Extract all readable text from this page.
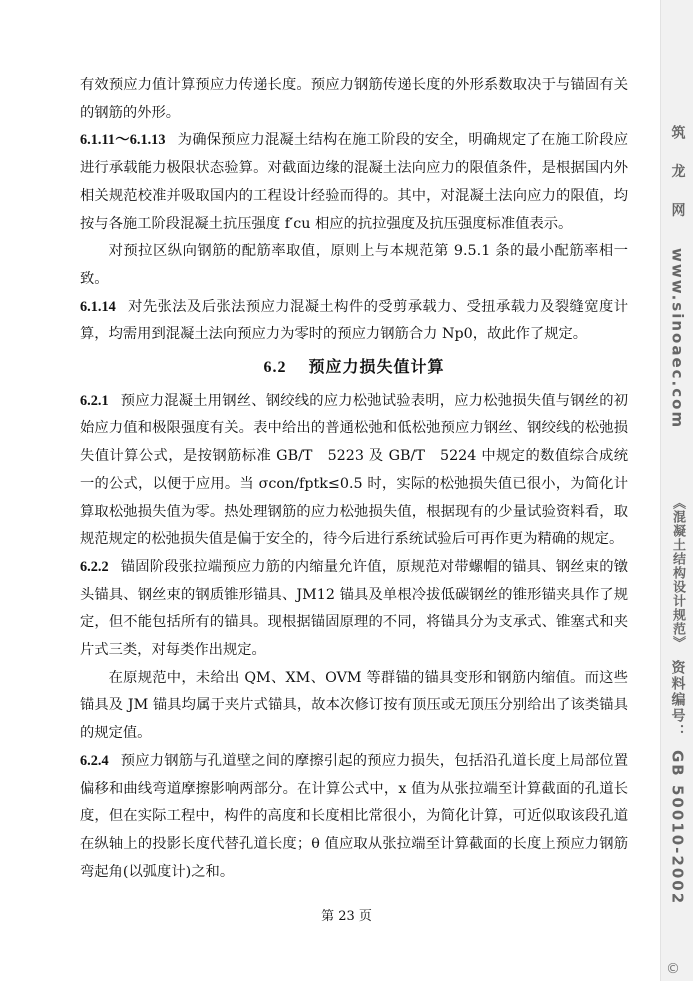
有效预应力值计算预应力传递长度。预应力钢筋传递长度的外形系数取决于与锚固有关的钢筋的外形。

6.1.11～6.1.13 为确保预应力混凝土结构在施工阶段的安全，明确规定了在施工阶段应进行承载能力极限状态验算。对截面边缘的混凝土法向应力的限值条件，是根据国内外相关规范校准并吸取国内的工程设计经验而得的。其中，对混凝土法向应力的限值，均按与各施工阶段混凝土抗压强度 f′cu 相应的抗拉强度及抗压强度标准值表示。

对预拉区纵向钢筋的配筋率取值，原则上与本规范第 9.5.1 条的最小配筋率相一致。

6.1.14 对先张法及后张法预应力混凝土构件的受剪承载力、受扭承载力及裂缝宽度计算，均需用到混凝土法向预应力为零时的预应力钢筋合力 Np0，故此作了规定。

6.2 预应力损失值计算

6.2.1 预应力混凝土用钢丝、钢绞线的应力松弛试验表明，应力松弛损失值与钢丝的初始应力值和极限强度有关。表中给出的普通松弛和低松弛预应力钢丝、钢绞线的松弛损失值计算公式，是按钢筋标准 GB/T　5223 及 GB/T　5224 中规定的数值综合成统一的公式，以便于应用。当 σcon/fptk≤0.5 时，实际的松弛损失值已很小，为简化计算取松弛损失值为零。热处理钢筋的应力松弛损失值，根据现有的少量试验资料看，取规范规定的松弛损失值是偏于安全的，待今后进行系统试验后可再作更为精确的规定。

6.2.2 锚固阶段张拉端预应力筋的内缩量允许值，原规范对带螺帽的锚具、钢丝束的镦头锚具、钢丝束的钢质锥形锚具、JM12 锚具及单根冷拔低碳钢丝的锥形锚夹具作了规定，但不能包括所有的锚具。现根据锚固原理的不同，将锚具分为支承式、锥塞式和夹片式三类，对每类作出规定。

在原规范中，未给出 QM、XM、OVM 等群锚的锚具变形和钢筋内缩值。而这些锚具及 JM 锚具均属于夹片式锚具，故本次修订按有顶压或无顶压分别给出了该类锚具的规定值。

6.2.4 预应力钢筋与孔道壁之间的摩擦引起的预应力损失，包括沿孔道长度上局部位置偏移和曲线弯道摩擦影响两部分。在计算公式中，x 值为从张拉端至计算截面的孔道长度，但在实际工程中，构件的高度和长度相比常很小，为简化计算，可近似取该段孔道在纵轴上的投影长度代替孔道长度；θ 值应取从张拉端至计算截面的长度上预应力钢筋弯起角(以弧度计)之和。

第 23 页
筑 龙 网
www.sinoaec.com
《混凝土结构设计规范》
资料编号：
GB 50010-2002
©
